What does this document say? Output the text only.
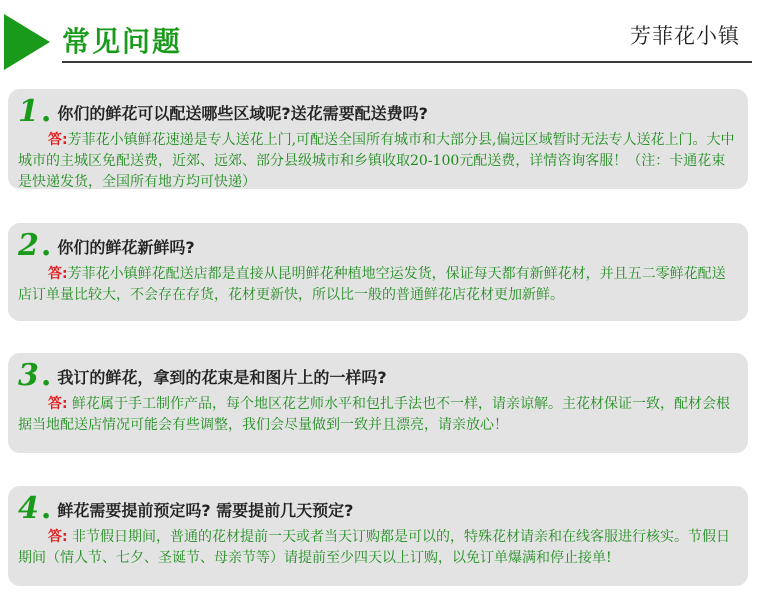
常见问题	芳菲花小镇
1 . 你们的鲜花可以配送哪些区域呢?送花需要配送费吗?
答:芳菲花小镇鲜花速递是专人送花上门,可配送全国所有城市和大部分县,偏远区域暂时无法专人送花上门。大中城市的主城区免配送费，近郊、远郊、部分县级城市和乡镇收取20-100元配送费，详情咨询客服！（注：卡通花束是快递发货，全国所有地方均可快递）
2 . 你们的鲜花新鲜吗?
答:芳菲花小镇鲜花配送店都是直接从昆明鲜花种植地空运发货，保证每天都有新鲜花材，并且五二零鲜花配送店订单量比较大，不会存在存货，花材更新快，所以比一般的普通鲜花店花材更加新鲜。
3 . 我订的鲜花，拿到的花束是和图片上的一样吗?
答: 鲜花属于手工制作产品，每个地区花艺师水平和包扎手法也不一样，请亲谅解。主花材保证一致，配材会根据当地配送店情况可能会有些调整，我们会尽量做到一致并且漂亮，请亲放心！
4 . 鲜花需要提前预定吗? 需要提前几天预定?
答: 非节假日期间，普通的花材提前一天或者当天订购都是可以的，特殊花材请亲和在线客服进行核实。节假日期间（情人节、七夕、圣诞节、母亲节等）请提前至少四天以上订购，以免订单爆满和停止接单!
